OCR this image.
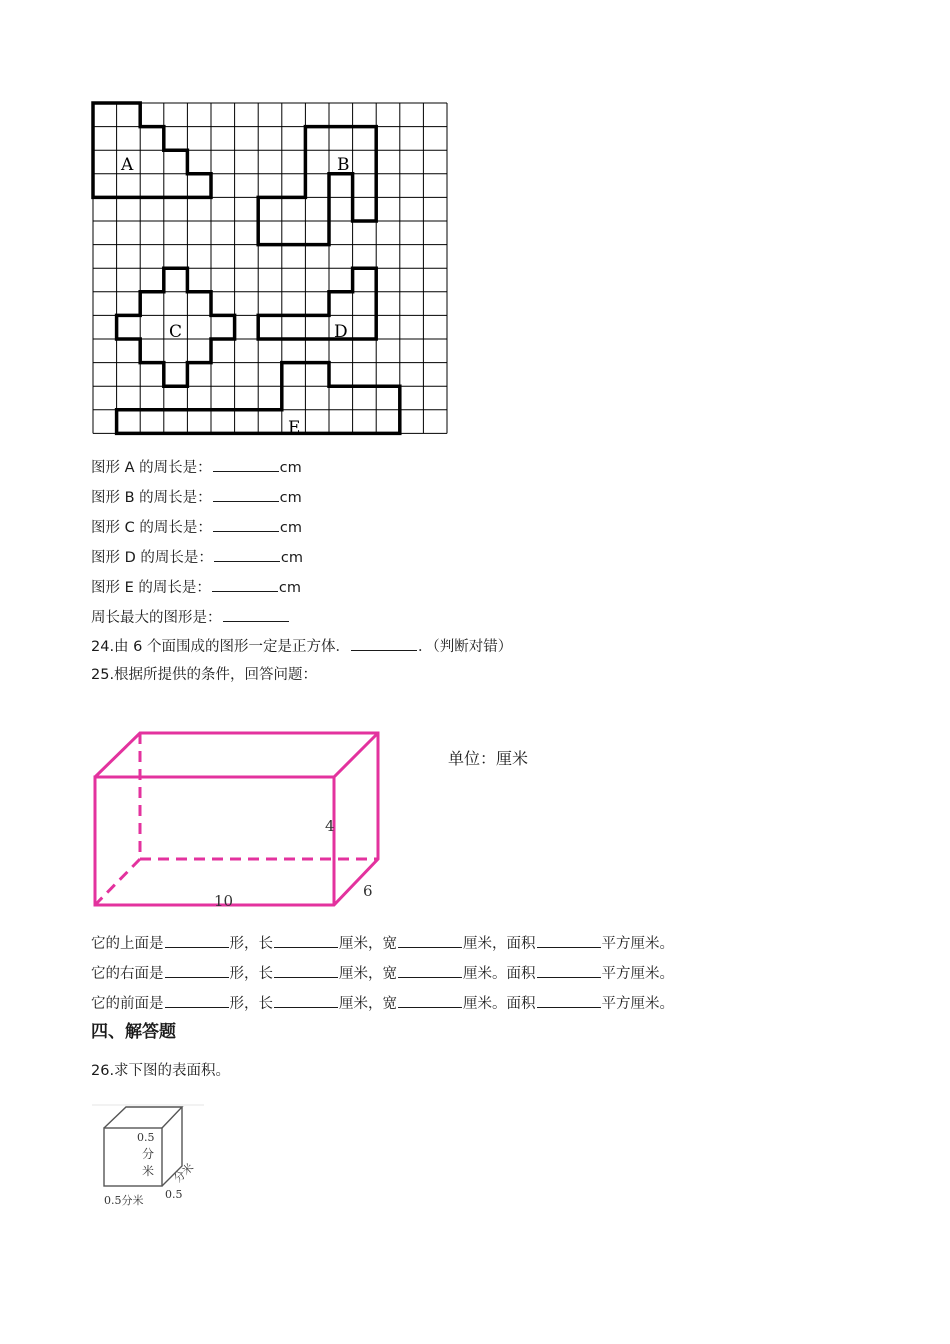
A	B
C	D
E
图形 A 的周长是：	cm
图形 B 的周长是：	cm
图形 C 的周长是：	cm
图形 D 的周长是：	cm
图形 E 的周长是：	cm
周长最大的图形是：
24.由 6 个面围成的图形一定是正方体．	．（判断对错）
25.根据所提供的条件，回答问题：
10
4
6
单位：厘米
它的上面是	形，长	厘米，宽	厘米，面积	平方厘米。
它的右面是	形，长	厘米，宽	厘米。面积	平方厘米。
它的前面是	形，长	厘米，宽	厘米。面积	平方厘米。
四、解答题
26.求下图的表面积。
0.5
分
米
0.5分米 0.5
分米
